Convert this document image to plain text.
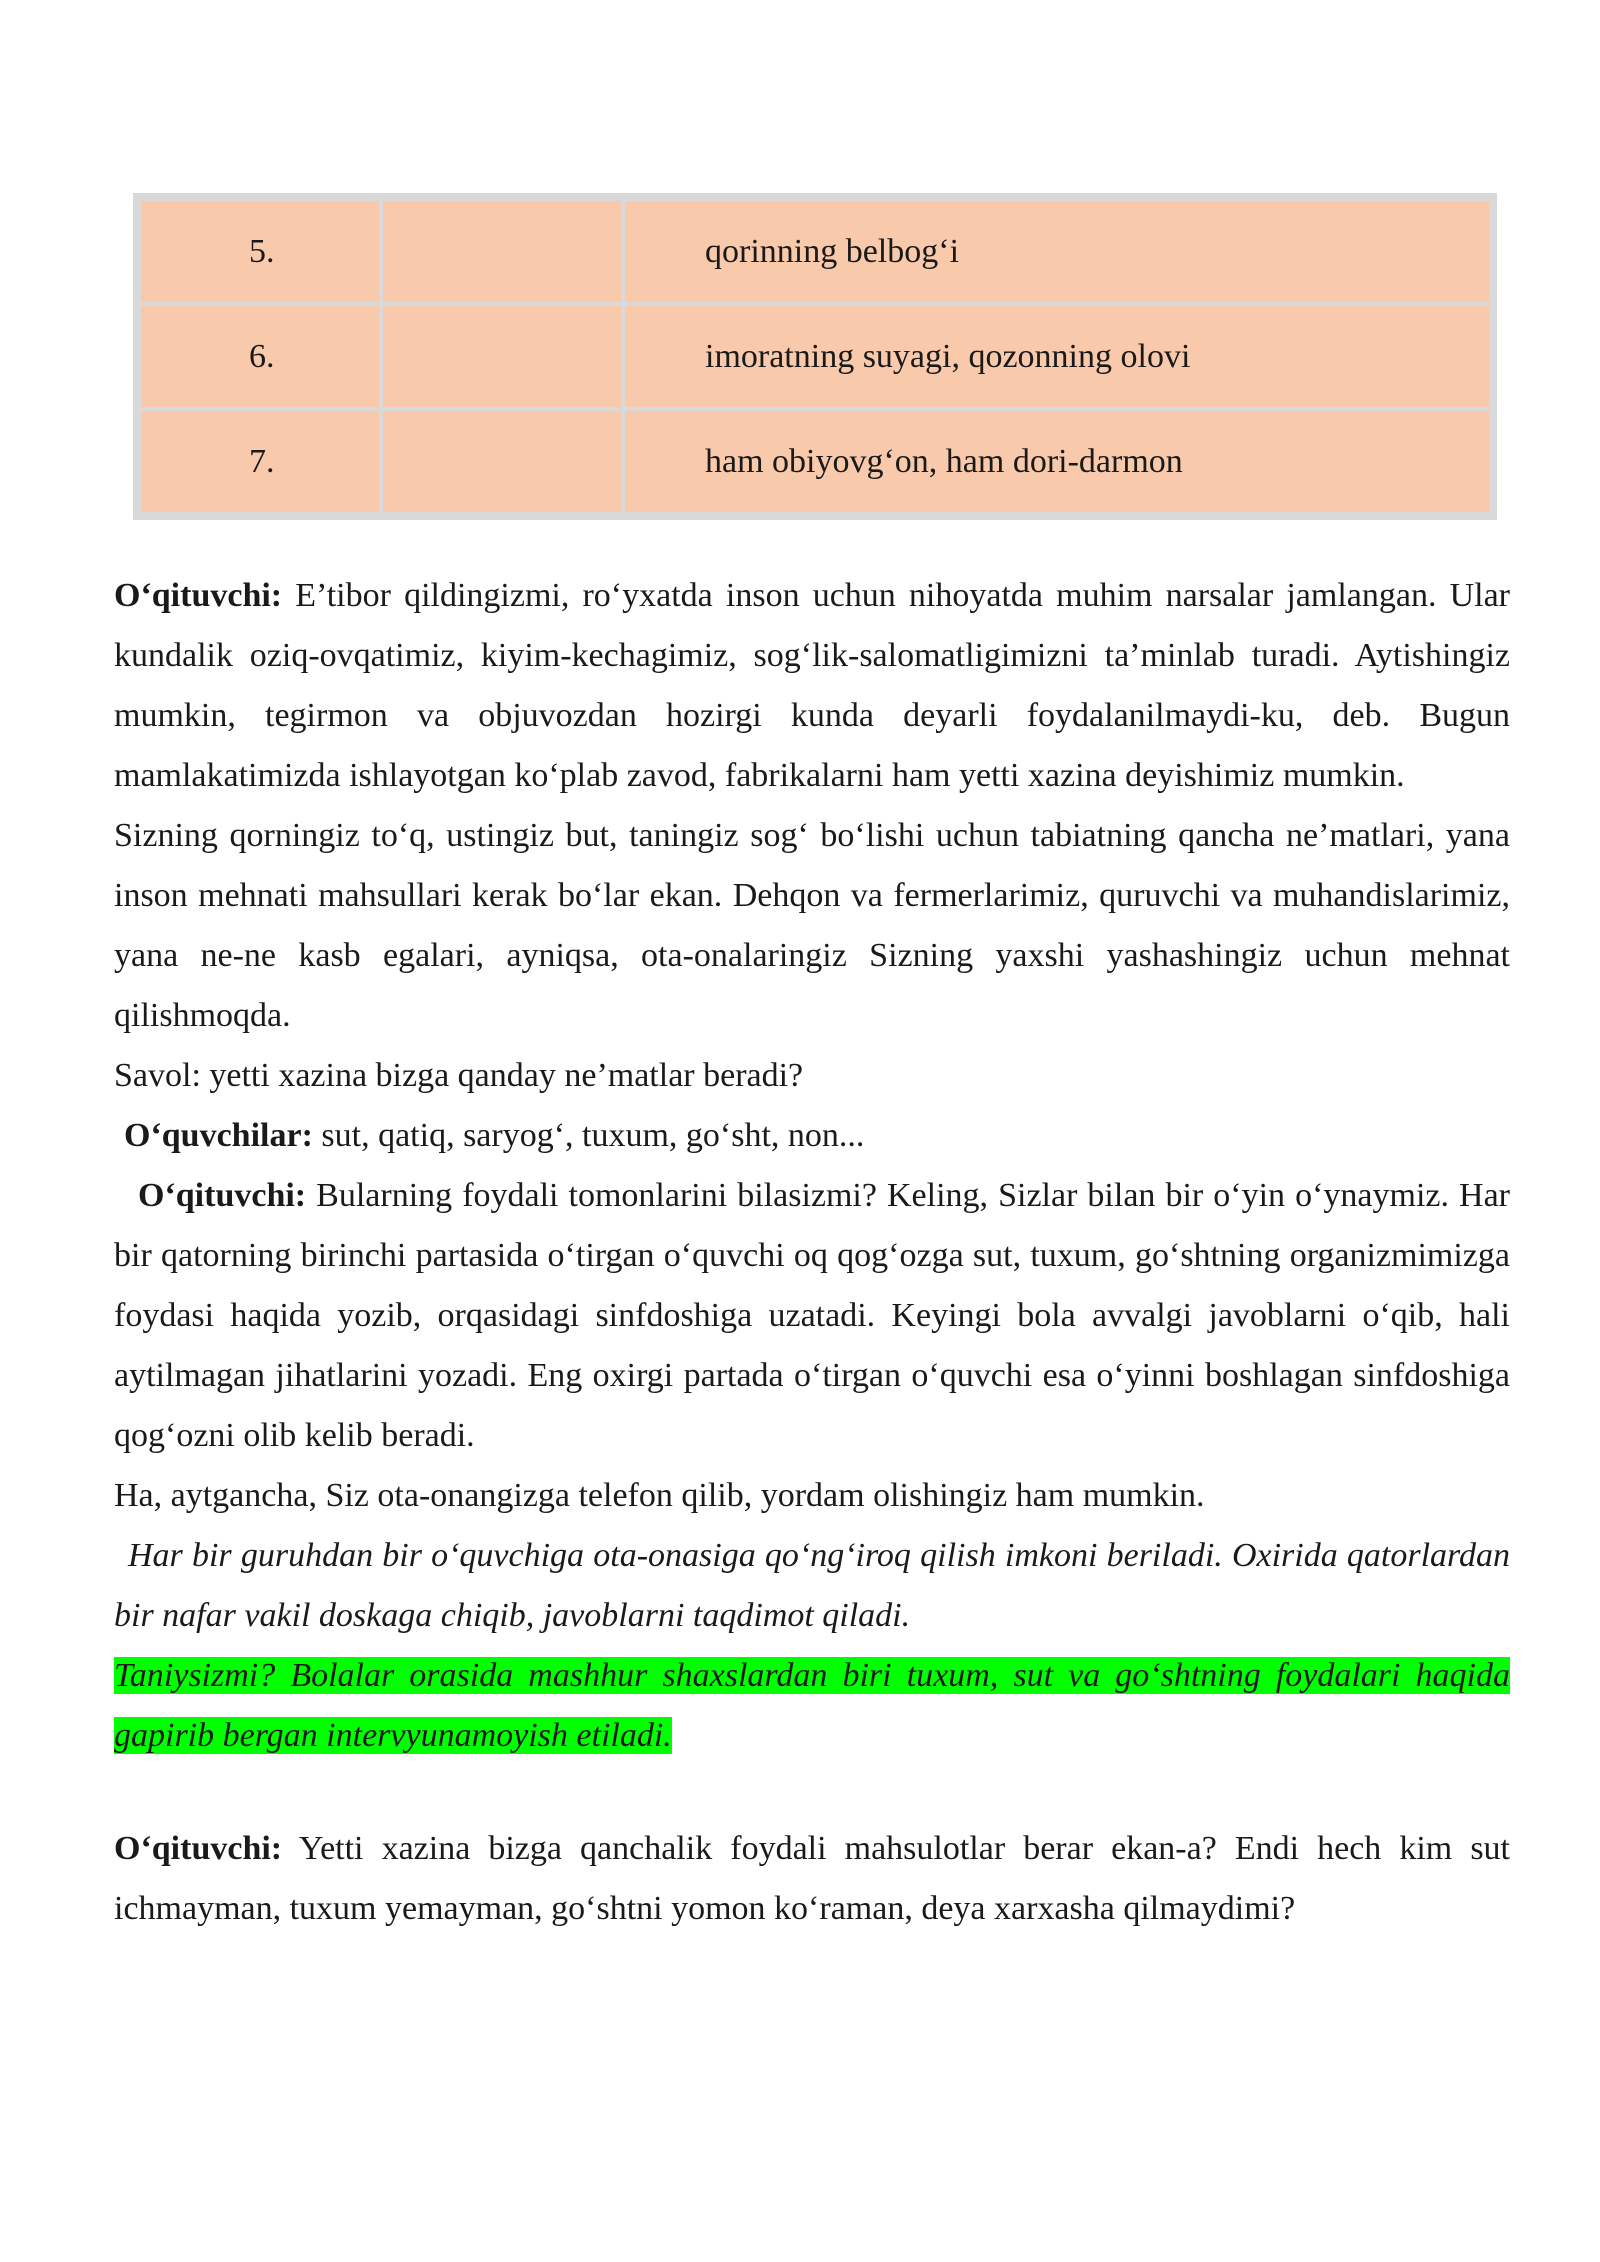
5.		qorinning belbog‘i
6.		imoratning suyagi, qozonning olovi
7.		ham obiyovg‘on, ham dori-darmon

O‘qituvchi: E’tibor qildingizmi, ro‘yxatda inson uchun nihoyatda muhim narsalar jamlangan. Ular kundalik oziq-ovqatimiz, kiyim-kechagimiz, sog‘lik-salomatligimizni ta’minlab turadi. Aytishingiz mumkin, tegirmon va objuvozdan hozirgi kunda deyarli foydalanilmaydi-ku, deb. Bugun mamlakatimizda ishlayotgan ko‘plab zavod, fabrikalarni ham yetti xazina deyishimiz mumkin.

Sizning qorningiz to‘q, ustingiz but, taningiz sog‘ bo‘lishi uchun tabiatning qancha ne’matlari, yana inson mehnati mahsullari kerak bo‘lar ekan. Dehqon va fermerlarimiz, quruvchi va muhandislarimiz, yana ne-ne kasb egalari, ayniqsa, ota-onalaringiz Sizning yaxshi yashashingiz uchun mehnat qilishmoqda.

Savol: yetti xazina bizga qanday ne’matlar beradi?

O‘quvchilar: sut, qatiq, saryog‘, tuxum, go‘sht, non...

O‘qituvchi: Bularning foydali tomonlarini bilasizmi? Keling, Sizlar bilan bir o‘yin o‘ynaymiz. Har bir qatorning birinchi partasida o‘tirgan o‘quvchi oq qog‘ozga sut, tuxum, go‘shtning organizmimizga foydasi haqida yozib, orqasidagi sinfdoshiga uzatadi. Keyingi bola avvalgi javoblarni o‘qib, hali aytilmagan jihatlarini yozadi. Eng oxirgi partada o‘tirgan o‘quvchi esa o‘yinni boshlagan sinfdoshiga qog‘ozni olib kelib beradi.

Ha, aytgancha, Siz ota-onangizga telefon qilib, yordam olishingiz ham mumkin.

Har bir guruhdan bir o‘quvchiga ota-onasiga qo‘ng‘iroq qilish imkoni beriladi. Oxirida qatorlardan bir nafar vakil doskaga chiqib, javoblarni taqdimot qiladi.

Taniysizmi? Bolalar orasida mashhur shaxslardan biri tuxum, sut va go‘shtning foydalari haqida gapirib bergan intervyunamoyish etiladi.

O‘qituvchi: Yetti xazina bizga qanchalik foydali mahsulotlar berar ekan-a? Endi hech kim sut ichmayman, tuxum yemayman, go‘shtni yomon ko‘raman, deya xarxasha qilmaydimi?
